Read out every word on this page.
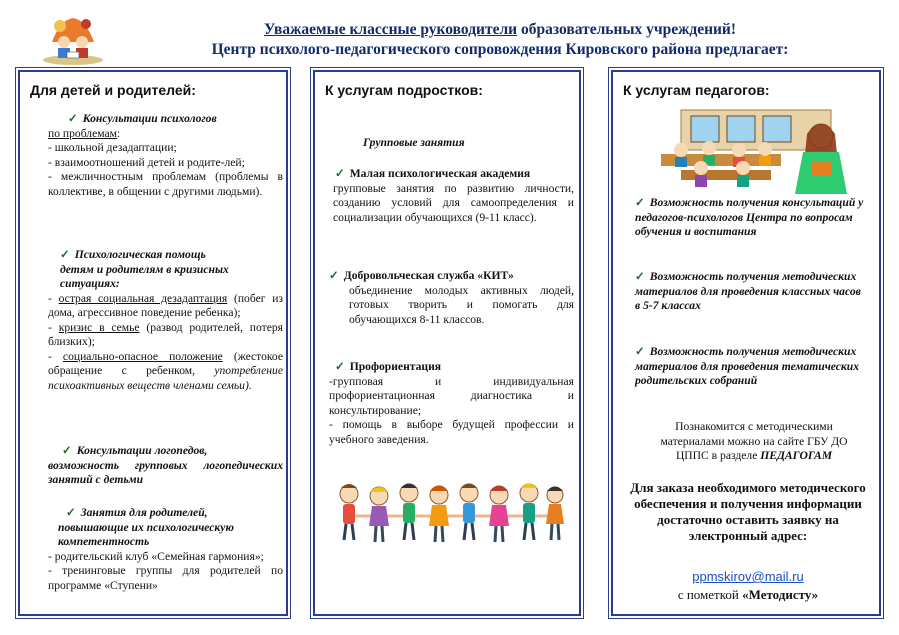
Уважаемые классные руководители образовательных учреждений!
Центр психолого-педагогического сопровождения Кировского района предлагает:
Для детей и родителей:
✓ Консультации психологов
по проблемам:
- школьной дезадаптации;
- взаимоотношений детей и родите-лей;
- межличностным проблемам (проблемы в коллективе, в общении с другими людьми).
✓ Психологическая помощь
детям и родителям в кризисных ситуациях:
- острая социальная дезадаптация (побег из дома, агрессивное поведение ребенка);
- кризис в семье (развод родителей, потеря близких);
- социально-опасное положение (жестокое обращение с ребенком, употребление психоактивных веществ членами семьи).
✓ Консультации логопедов,
возможность групповых логопедических занятий с детьми
✓ Занятия для родителей,
повышающие их психологическую компетентность
- родительский клуб «Семейная гармония»;
- тренинговые группы для родителей по программе «Ступени»
К услугам подростков:
Групповые занятия
✓ Малая психологическая академия
групповые занятия по развитию личности, созданию условий для самоопределения и социализации обучающихся (9-11 класс).
✓ Добровольческая служба «КИТ»
объединение молодых активных людей, готовых творить и помогать для обучающихся 8-11 классов.
✓ Профориентация
-групповая и индивидуальная профориентационная диагностика и консультирование;
- помощь в выборе будущей профессии и учебного заведения.
К услугам педагогов:
✓ Возможность получения консультаций у педагогов-психологов Центра по вопросам обучения и воспитания
✓ Возможность получения методических материалов для проведения классных часов в 5-7 классах
✓ Возможность получения методических материалов для проведения тематических родительских собраний
Познакомится с методическими материалами можно на сайте ГБУ ДО ЦППС в разделе ПЕДАГОГАМ
Для заказа необходимого методического обеспечения и получения информации достаточно оставить заявку на электронный адрес:
ppmskirov@mail.ru
с пометкой «Методисту»
